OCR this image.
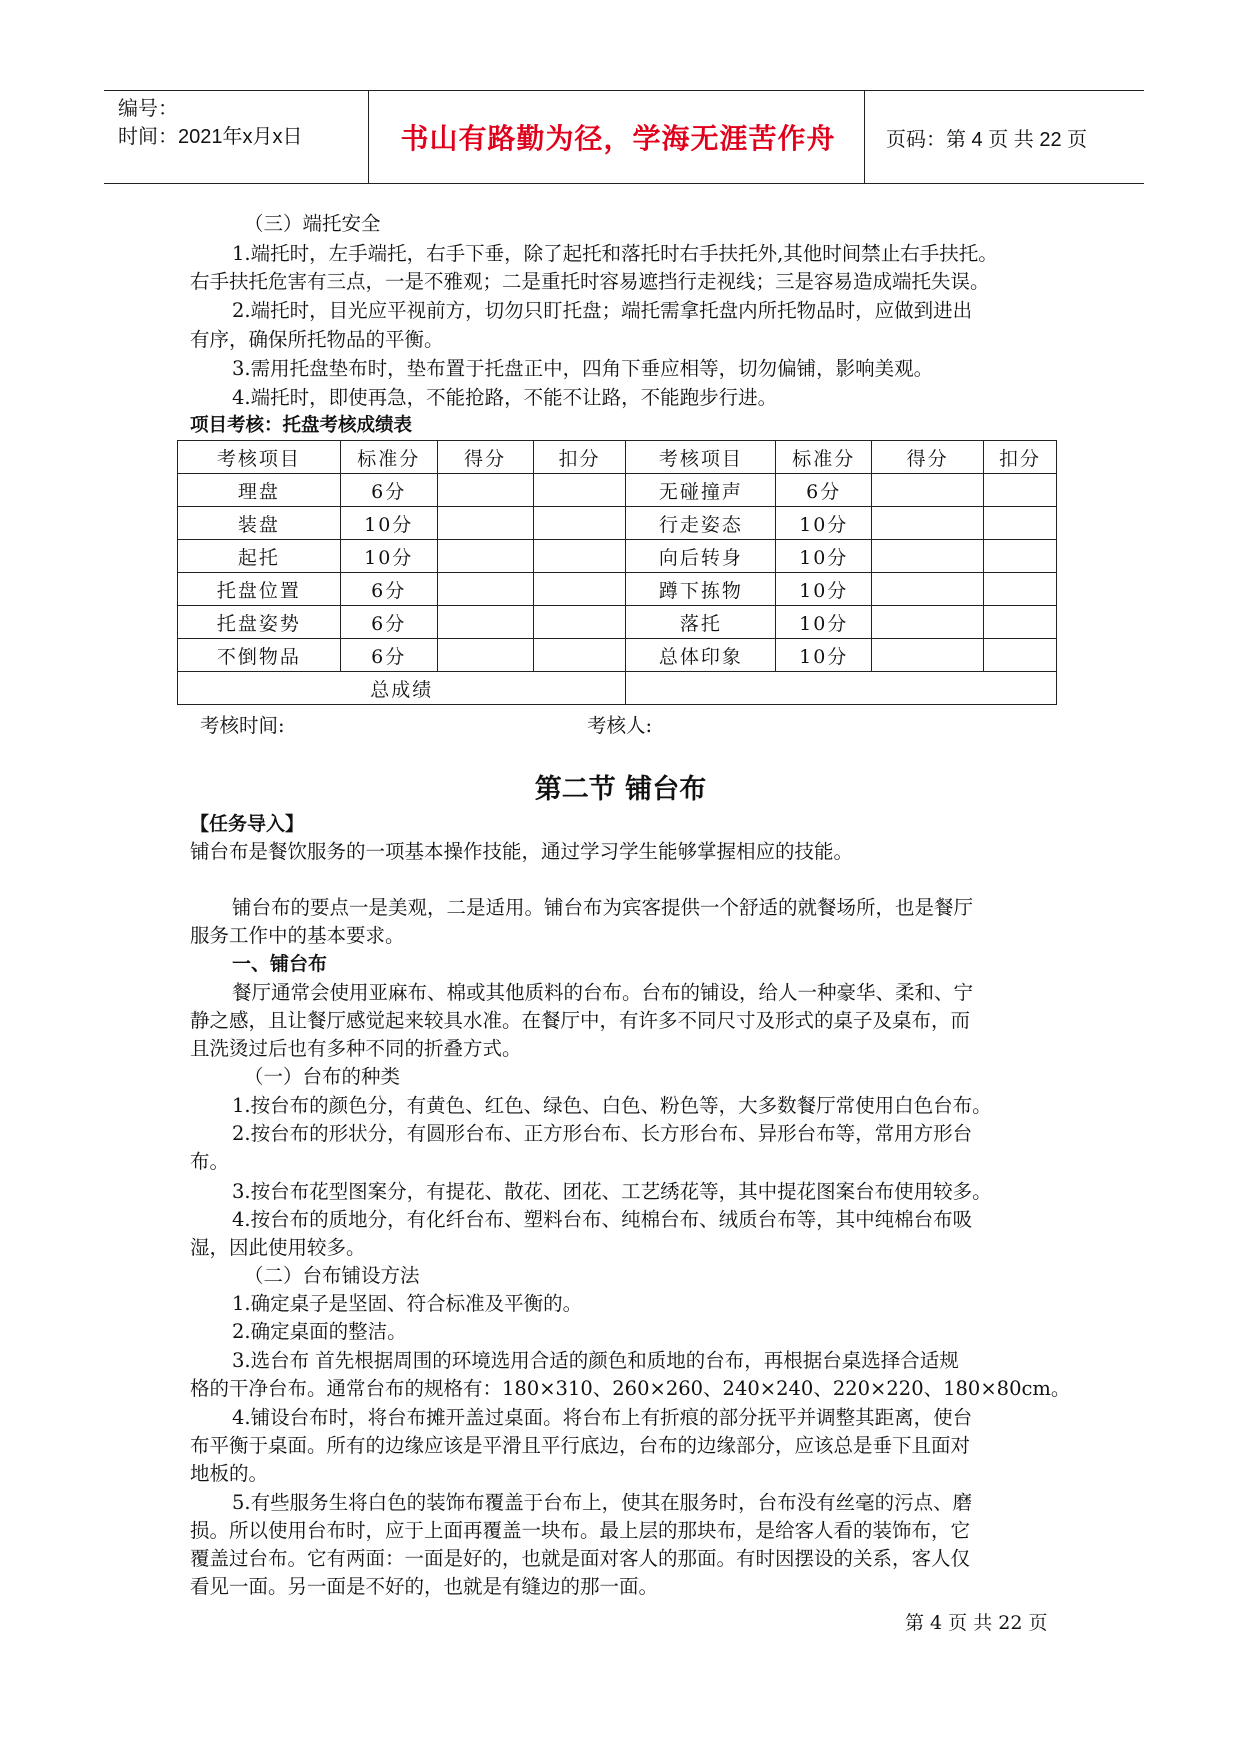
编号：
时间：2021年x月x日	书山有路勤为径，学海无涯苦作舟	页码：第 4 页 共 22 页
（三）端托安全
1.端托时，左手端托，右手下垂，除了起托和落托时右手扶托外,其他时间禁止右手扶托。
右手扶托危害有三点，一是不雅观；二是重托时容易遮挡行走视线；三是容易造成端托失误。
2.端托时，目光应平视前方，切勿只盯托盘；端托需拿托盘内所托物品时，应做到进出
有序，确保所托物品的平衡。
3.需用托盘垫布时，垫布置于托盘正中，四角下垂应相等，切勿偏铺，影响美观。
4.端托时，即使再急，不能抢路，不能不让路，不能跑步行进。
项目考核：托盘考核成绩表
考核项目	标准分	得分	扣分	考核项目	标准分	得分	扣分
理盘	6分			无碰撞声	6分		
装盘	10分			行走姿态	10分		
起托	10分			向后转身	10分		
托盘位置	6分			蹲下拣物	10分		
托盘姿势	6分			落托	10分		
不倒物品	6分			总体印象	10分		
总成绩							
考核时间:	考核人:
第二节 铺台布
【任务导入】
铺台布是餐饮服务的一项基本操作技能，通过学习学生能够掌握相应的技能。
铺台布的要点一是美观，二是适用。铺台布为宾客提供一个舒适的就餐场所，也是餐厅
服务工作中的基本要求。
一、铺台布
餐厅通常会使用亚麻布、棉或其他质料的台布。台布的铺设，给人一种豪华、柔和、宁
静之感，且让餐厅感觉起来较具水准。在餐厅中，有许多不同尺寸及形式的桌子及桌布，而
且洗烫过后也有多种不同的折叠方式。
（一）台布的种类
1.按台布的颜色分，有黄色、红色、绿色、白色、粉色等，大多数餐厅常使用白色台布。
2.按台布的形状分，有圆形台布、正方形台布、长方形台布、异形台布等，常用方形台
布。
3.按台布花型图案分，有提花、散花、团花、工艺绣花等，其中提花图案台布使用较多。
4.按台布的质地分，有化纤台布、塑料台布、纯棉台布、绒质台布等，其中纯棉台布吸
湿，因此使用较多。
（二）台布铺设方法
1.确定桌子是坚固、符合标准及平衡的。
2.确定桌面的整洁。
3.选台布 首先根据周围的环境选用合适的颜色和质地的台布，再根据台桌选择合适规
格的干净台布。通常台布的规格有：180×310、260×260、240×240、220×220、180×80cm。
4.铺设台布时，将台布摊开盖过桌面。将台布上有折痕的部分抚平并调整其距离，使台
布平衡于桌面。所有的边缘应该是平滑且平行底边，台布的边缘部分，应该总是垂下且面对
地板的。
5.有些服务生将白色的装饰布覆盖于台布上，使其在服务时，台布没有丝毫的污点、磨
损。所以使用台布时，应于上面再覆盖一块布。最上层的那块布，是给客人看的装饰布，它
覆盖过台布。它有两面：一面是好的，也就是面对客人的那面。有时因摆设的关系，客人仅
看见一面。另一面是不好的，也就是有缝边的那一面。
第 4 页 共 22 页
